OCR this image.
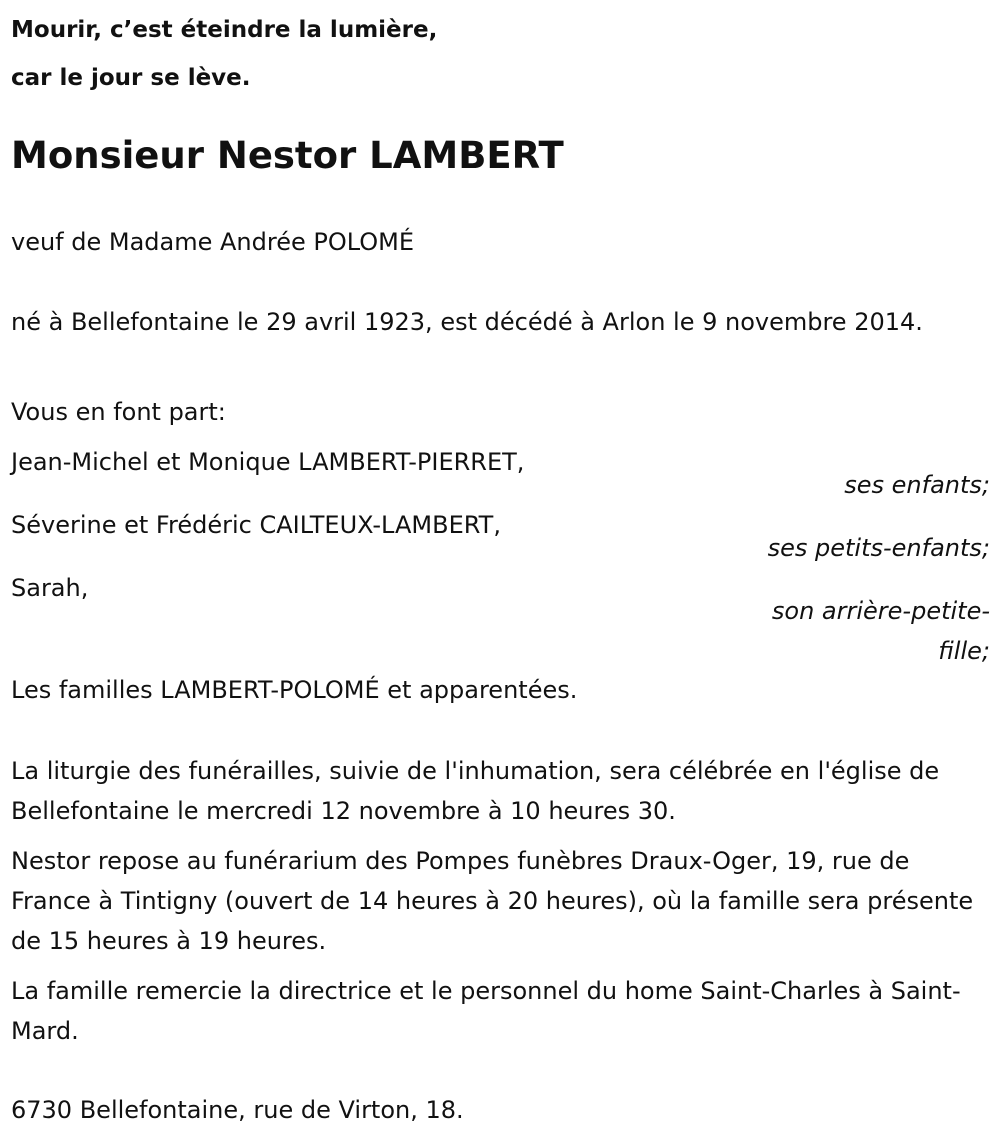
Mourir, c’est éteindre la lumière,

car le jour se lève.

Monsieur Nestor LAMBERT

veuf de Madame Andrée POLOMÉ

né à Bellefontaine le 29 avril 1923, est décédé à Arlon le 9 novembre 2014.

Vous en font part:

Jean-Michel et Monique LAMBERT-PIERRET,

ses enfants;

Séverine et Frédéric CAILTEUX-LAMBERT,

ses petits-enfants;

Sarah,

son arrière-petite-fille;

Les familles LAMBERT-POLOMÉ et apparentées.

La liturgie des funérailles, suivie de l'inhumation, sera célébrée en l'église de Bellefontaine le mercredi 12 novembre à 10 heures 30.

Nestor repose au funérarium des Pompes funèbres Draux-Oger, 19, rue de France à Tintigny (ouvert de 14 heures à 20 heures), où la famille sera présente de 15 heures à 19 heures.

La famille remercie la directrice et le personnel du home Saint-Charles à Saint-Mard.

6730 Bellefontaine, rue de Virton, 18.
